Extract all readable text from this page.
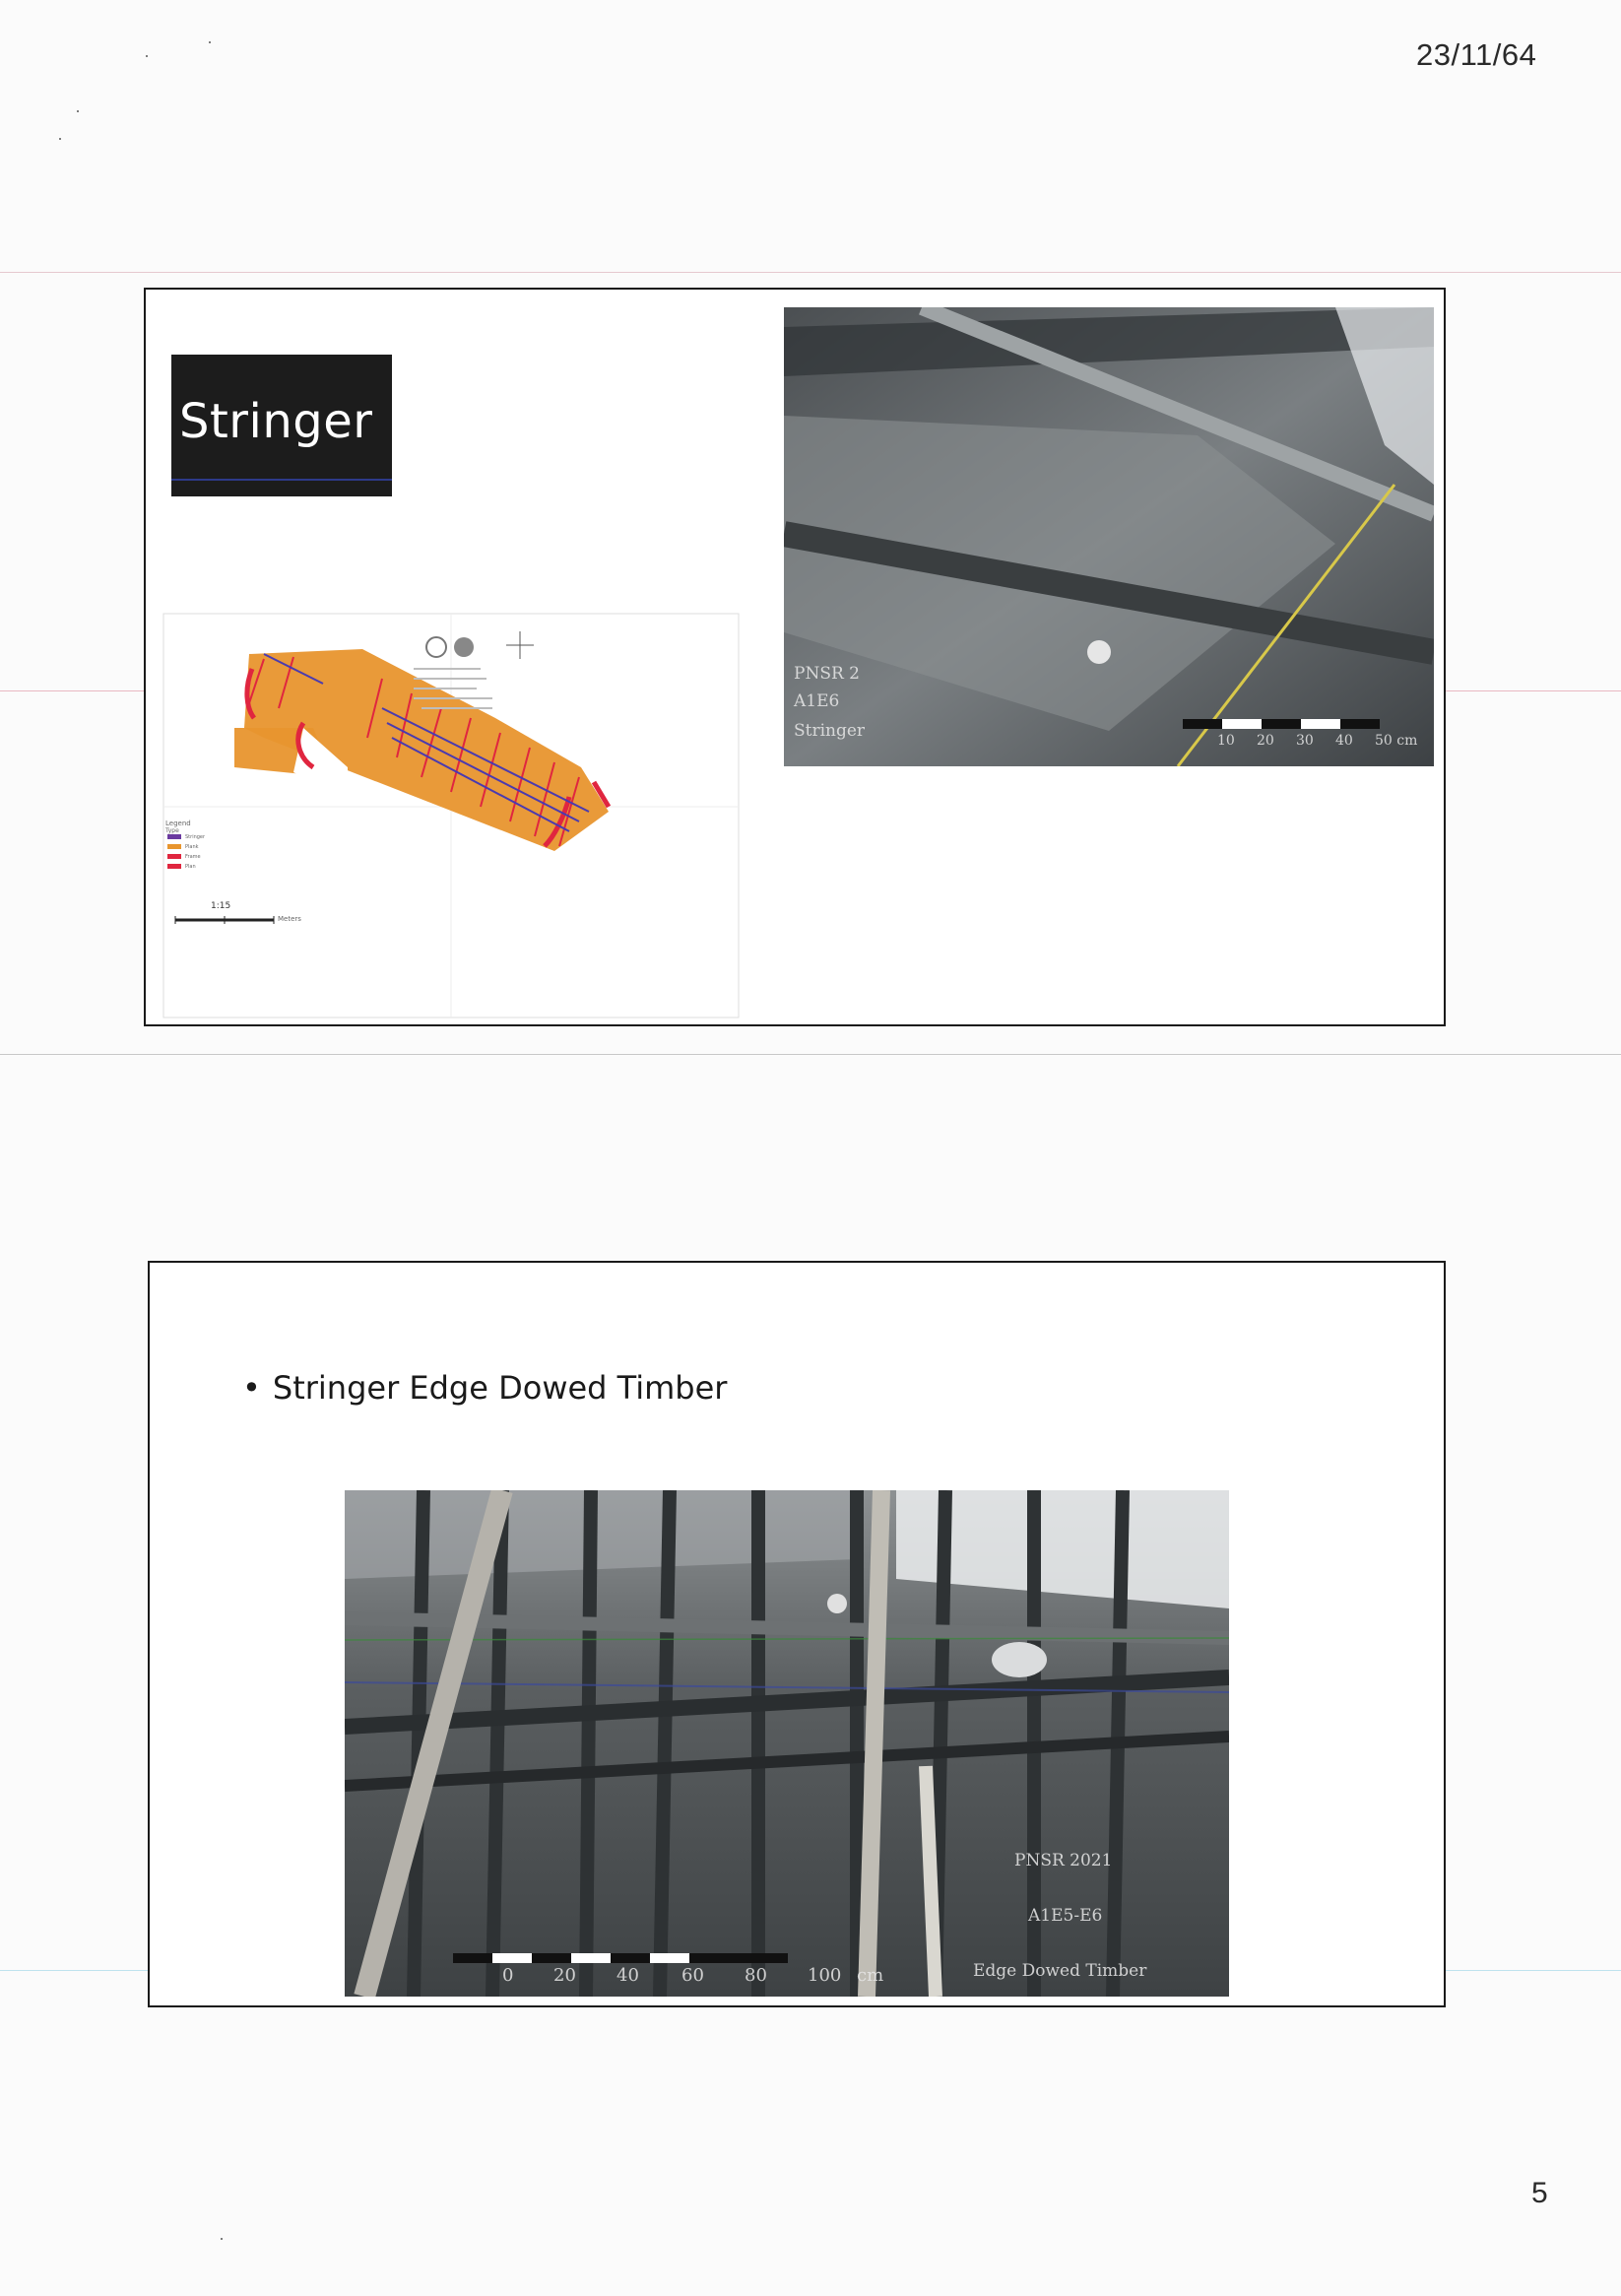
23/11/64
5
Stringer
Legend
Type
Stringer
Plank
Frame
Plan
1:15
Meters
PNSR 2
A1E6
Stringer	10 20 30 40 50 cm
• Stringer Edge Dowed Timber
PNSR 2021
A1E5-E6
Edge Dowed Timber
0 20 40 60 80 100 cm
